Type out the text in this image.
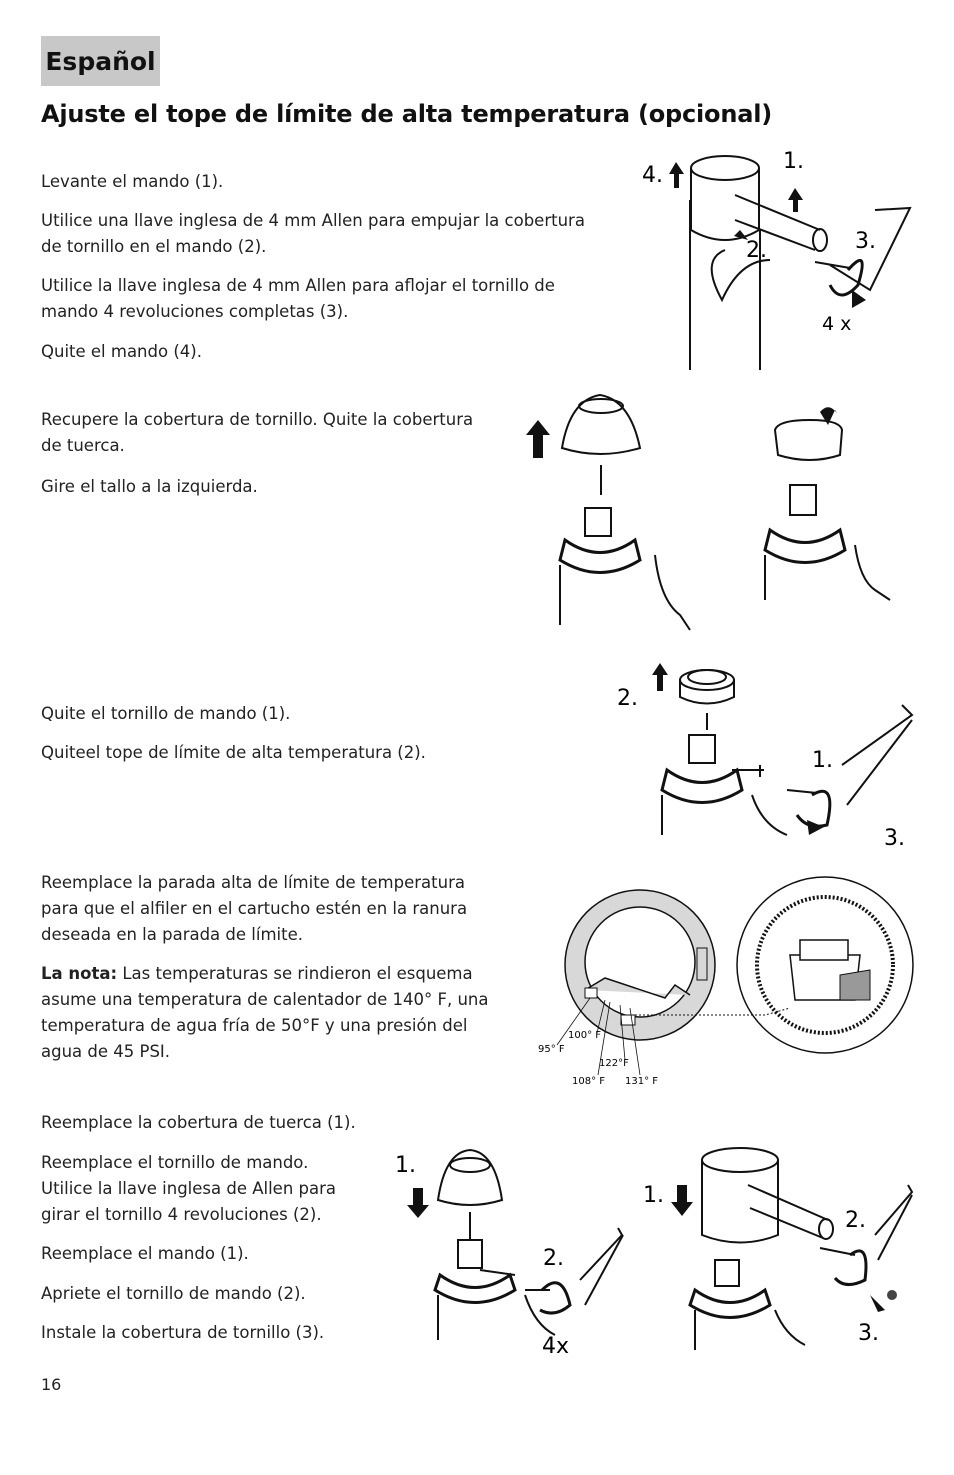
Español
Ajuste el tope de límite de alta temperatura (opcional)

Levante el mando (1).

Utilice una llave inglesa de 4 mm Allen para empujar la cobertura de tornillo en el mando (2).

Utilice la llave inglesa de 4 mm Allen para aflojar el tornillo de mando 4 revoluciones completas (3).

Quite el mando (4).

Recupere la cobertura de tornillo. Quite la cobertura de tuerca.

Gire el tallo a la izquierda.

Quite el tornillo de mando (1).

Quiteel tope de límite de alta temperatura (2).

Reemplace la parada alta de límite de temperatura para que el alfiler en el cartucho estén en la ranura deseada en la parada de límite.

La nota: Las temperaturas se rindieron el esquema asume una temperatura de calentador de 140° F, una temperatura de agua fría de 50°F y una presión del agua de 45 PSI.

Reemplace la cobertura de tuerca (1).

Reemplace el tornillo de mando. Utilice la llave inglesa de Allen para girar el tornillo 4 revoluciones (2).

Reemplace el mando (1).

Apriete el tornillo de mando (2).

Instale la cobertura de tornillo (3).

16
1.
2.	3.
4.
4 x
2.
1.
3.
95° F
100° F
108° F
122°F
131° F
1.
2.
4x
1.
2.
3.
